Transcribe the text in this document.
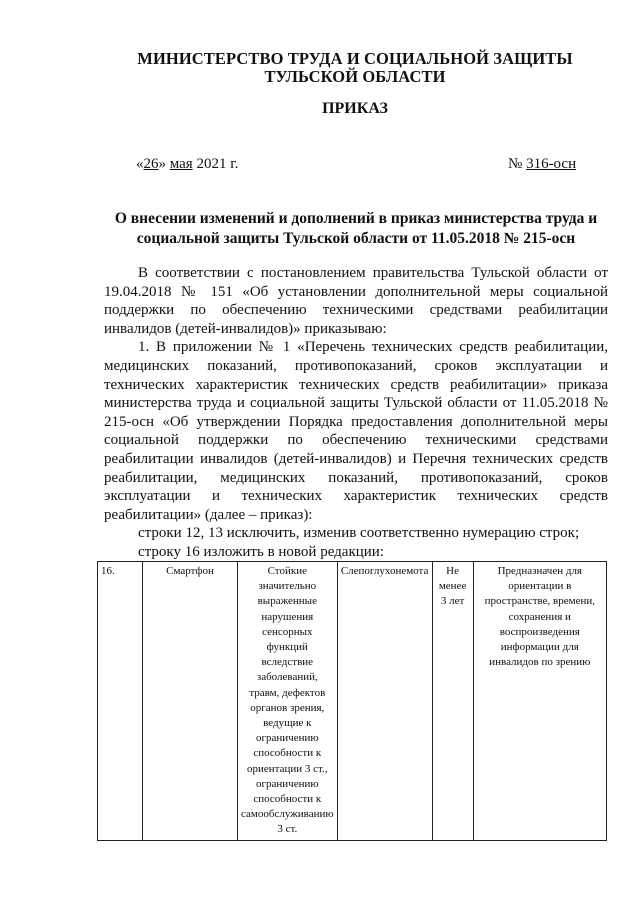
МИНИСТЕРСТВО ТРУДА И СОЦИАЛЬНОЙ ЗАЩИТЫ
ТУЛЬСКОЙ ОБЛАСТИ
ПРИКАЗ
«26» мая 2021 г.	№ 316-осн
О внесении изменений и дополнений в приказ министерства труда и
социальной защиты Тульской области от 11.05.2018 № 215-осн

В соответствии с постановлением правительства Тульской области от 19.04.2018 № 151 «Об установлении дополнительной меры социальной поддержки по обеспечению техническими средствами реабилитации инвалидов (детей-инвалидов)» приказываю:

1. В приложении № 1 «Перечень технических средств реабилитации, медицинских показаний, противопоказаний, сроков эксплуатации и технических характеристик технических средств реабилитации» приказа министерства труда и социальной защиты Тульской области от 11.05.2018 № 215-осн «Об утверждении Порядка предоставления дополнительной меры социальной поддержки по обеспечению техническими средствами реабилитации инвалидов (детей-инвалидов) и Перечня технических средств реабилитации, медицинских показаний, противопоказаний, сроков эксплуатации и технических характеристик технических средств реабилитации» (далее – приказ):

строки 12, 13 исключить, изменив соответственно нумерацию строк;

строку 16 изложить в новой редакции:

16.	Смартфон	Стойкие значительно выраженные нарушения сенсорных функций вследствие заболеваний, травм, дефектов органов зрения, ведущие к ограничению способности к ориентации 3 ст., ограничению способности к самообслуживанию 3 ст.	Слепоглухонемота	Не менее 3 лет	Предназначен для ориентации в пространстве, времени, сохранения и воспроизведения информации для инвалидов по зрению
